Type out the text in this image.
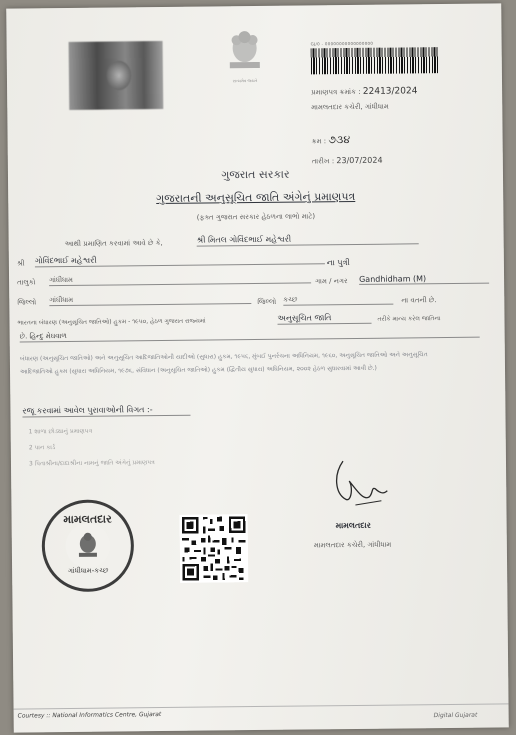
સત્યમેવ જયતે
GJ/0 - 00000000000000000
પ્રમાણપત્ર ક્રમાંક : 22413/2024
મામલતદાર કચેરી, ગાંધીધામ
ક્રમ : ૭૩૪
તારીખ : 23/07/2024
ગુજરાત સરકાર
ગુજરાતની અનુસૂચિત જાતિ અંગેનું પ્રમાણપત્ર
(ફક્ત ગુજરાત સરકાર હેઠળના લાભો માટે)
આથી પ્રમાણિત કરવામાં આવે છે કે,	શ્રી મિતલ ગોવિંદભાઈ મહેશ્વરી
શ્રી ગોવિંદભાઈ મહેશ્વરી	ના પુત્રી
તાલુકો ગાંધીધામ	ગામ / નગર Gandhidham (M)
જિલ્લો ગાંધીધામ	જિલ્લો કચ્છ	ના વતની છે.
ભારતના બંધારણ (અનુસૂચિત જાતિઓ) હુકમ - ૧૯૫૦, હેઠળ ગુજરાત રાજ્યમાં	અનુસૂચિત જાતિ	તરીકે માન્ય કરેલ જાતિના
છે. હિન્દુ મેઘવાળ
બંધારણ (અનુસૂચિત જાતિઓ) અને અનુસૂચિત આદિજાતિઓની યાદીઓ (સુધારા) હુકમ, ૧૯૫૬, મુંબઈ પુનર્રચના અધિનિયમ, ૧૯૬૦, અનુસૂચિત જાતિઓ અને અનુસૂચિત આદિજાતિઓ હુકમ (સુધારા અધિનિયમ, ૧૯૭૬, સંવિધાન (અનુસૂચિત જાતિઓ) હુકમ (દ્વિતીય સુધારા) અધિનિયમ, ૨૦૦૨ હેઠળ સુધારવામાં આવી છે.)
રજૂ કરવામાં આવેલ પુરાવાઓની વિગત :-
1 શાળા છોડ્યાનું પ્રમાણપત્ર
2 પાન કાર્ડ
3 પિતાશ્રીના/દાદાશ્રીના નામનું જાતિ અંગેનું પ્રમાણપત્ર
મામલતદાર
મામલતદાર કચેરી, ગાંધીધામ
મામલતદાર
ગાંધીધામ-કચ્છ
Courtesy :: National Informatics Centre, Gujarat	Digital Gujarat
